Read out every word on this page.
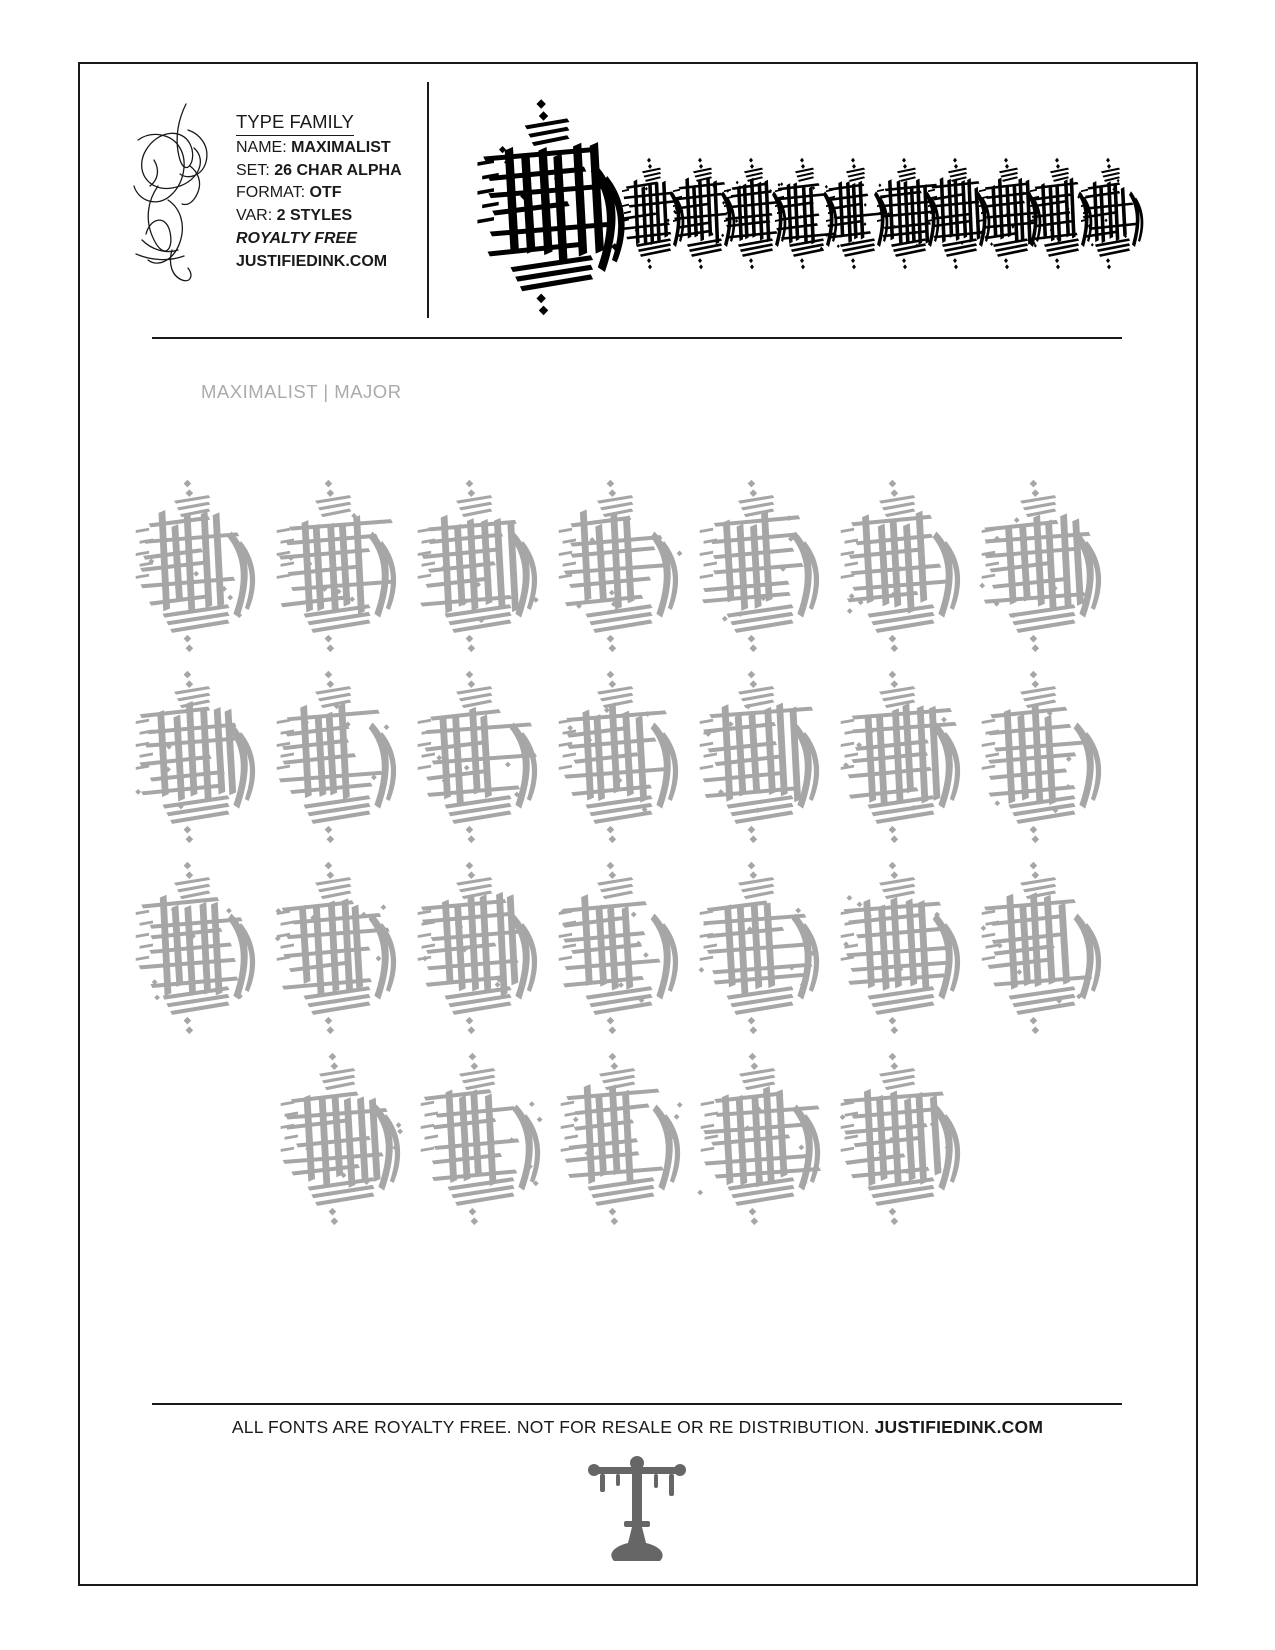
TYPE FAMILY
NAME: MAXIMALIST
SET: 26 CHAR ALPHA
FORMAT: OTF
VAR: 2 STYLES
ROYALTY FREE
JUSTIFIEDINK.COM
MAXIMALIST | MAJOR
ALL FONTS ARE ROYALTY FREE. NOT FOR RESALE OR RE DISTRIBUTION. JUSTIFIEDINK.COM
